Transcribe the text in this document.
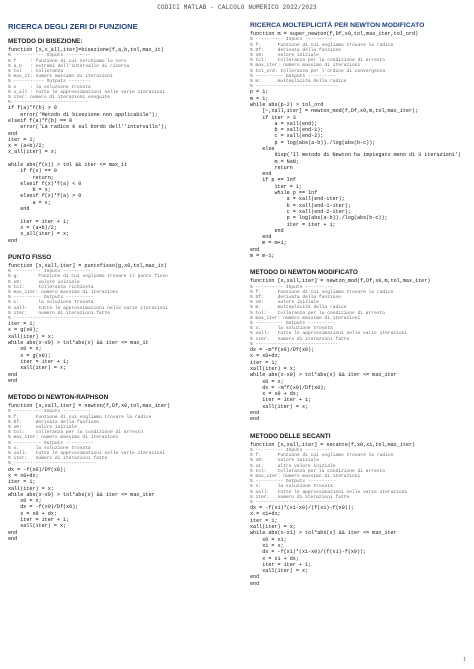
CODICI MATLAB - CALCOLO NUMERICO 2022/2023
RICERCA DEGLI ZERI DI FUNZIONE
METODO DI BISEZIONE:
function [x,x_all,iter]=bisezione(f,a,b,tol,max_it)
% ----------- Inputs ---------
% f     : funzione di cui cerchiamo lo zero
% a,b   : estremi dell'intervallo di ricerca
% tol   : tolleranza
% max_it: numero massimo di iterazioni
% ----------- Outputs --------
% x     : la soluzione trovata
% x_all : tutte le approssimazioni nelle varie iterazioni
% iter: numero di iterazioni eseguite
%----------------------------
if f(a)*f(b) > 0
error('Metodo di bisezione non applicabile');
elseif f(a)*f(b) == 0
error('La radice è sul bordo dell''intervallo');
end
iter = 1;
x = (a+b)/2;
x_all(iter) = x;

while abs(f(x)) > tol && iter <= max_it
if f(x) == 0
return;
elseif f(x)*f(a) < 0
b = x;
elseif f(x)*f(a) > 0
a = x;
end

iter = iter + 1;
x = (a+b)/2;
x_all(iter) = x;
end
PUNTO FISSO
function [x,xall,iter] = puntofisso(g,x0,tol,max_it)
% ---------- Inputs ----------
% g:       Funzione di cui vogliamo trovare il punto fisso
% x0:      valore iniziale
% tol:     tolleranza richiesta
% max_iter: numero massimo di iterazioni
% ---------- Outputs ----------
% x:       la soluzione trovata
% xall:    tutte le approssimazioni nelle varie iterazioni
% iter:    numero di iterazioni fatte
% ------------------------------
iter = 1;
x = g(x0);
xall(iter) = x;
while abs(x-x0) > tol*abs(x) && iter <= max_it
x0 = x;
x = g(x0);
iter = iter + 1;
xall(iter) = x;
end
end
METODO DI NEWTON-RAPHSON
function [x,xall,iter] = newton(f,Df,x0,tol,max_iter)
% ---------- Inputs ----------
% f:      Funzione di cui vogliamo trovare la radice
% Df:     derivata della funzione
% x0:     valore iniziale
% tol:    tolleranza per la condizione di arresto
% max_iter: numero massimo di iterazioni
% ---------- Outputs ----------
% x:      la soluzione trovata
% xall:   tutte le approssimazioni nelle varie iterazioni
% iter:   numero di iterazioni fatte
% ------------------------------
dx = -f(x0)/Df(x0);
x = x0+dx;
iter = 1;
xall(iter) = x;
while abs(x-x0) > tol*abs(x) && iter <= max_iter
x0 = x;
dx = -f(x0)/Df(x0);
x = x0 + dx;
iter = iter + 1;
xall(iter) = x;
end
end
RICERCA MOLTEPLICITÀ PER NEWTON MODIFICATO
function m = super_newton(f,Df,x0,tol,max_iter,tol_ord)
% ---------- Inputs ----------
% f:      Funzione di cui vogliamo trovare la radice
% Df:     derivata della funzione
% x0:     valore iniziale
% tol:    tolleranza per la condizione di arresto
% max_iter: numero massimo di iterazioni
% tol_ord: tolleranza per l'ordine di convergenza
% ---------- Outputs ----------
% m:      molteplicità della radice
% ------------------------------
p = 1;
m = 1;
while abs(p-2) > tol_ord
[~,xall,iter] = newton_mod(f,Df,x0,m,tol,max_iter);
if iter > 3
a = xall(end);
b = xall(end-1);
c = xall(end-2);
p = log(abs(a-b))./log(abs(b-c));
else
disp('Il metodo di Newton ha impiegato meno di 3 iterazioni')
m = NaN;
return
end
if p == Inf
iter = 1;
while p == Inf
a = xall(end-iter);
b = xall(end-1-iter);
c = xall(end-2-iter);
p = log(abs(a-b))./log(abs(b-c));
iter = iter + 1;
end
end
m = m+1;
end
m = m-1;
METODO DI NEWTON MODIFICATO
function [x,xall,iter] = newton_mod(f,Df,x0,m,tol,max_iter)
% ---------- Inputs ----------
% f:      Funzione di cui vogliamo trovare la radice
% Df:     derivata della funzione
% x0:     valore iniziale
% m:      molteplicità della radice
% tol:    tolleranza per la condizione di arresto
% max_iter: numero massimo di iterazioni
% ---------- Outputs ----------
% x:      la soluzione trovata
% xall:   tutte le approssimazioni nelle varie iterazioni
% iter:   numero di iterazioni fatte
% ------------------------------
dx = -m*f(x0)/Df(x0);
x = x0+dx;
iter = 1;
xall(iter) = x;
while abs(x-x0) > tol*abs(x) && iter <= max_iter
x0 = x;
dx = -m*f(x0)/Df(x0);
x = x0 + dx;
iter = iter + 1;
xall(iter) = x;
end
end
METODO DELLE SECANTI
function [x,xall,iter] = secante(f,x0,x1,tol,max_iter)
% ---------- Inputs ----------
% f:      Funzione di cui vogliamo trovare la radice
% x0:     valore iniziale
% x1:     altro valore iniziale
% tol:    tolleranza per la condizione di arresto
% max_iter: numero massimo di iterazioni
% ---------- Outputs ----------
% x:      la soluzione trovata
% xall:   tutte le approssimazioni nelle varie iterazioni
% iter:   numero di iterazioni fatte
% ------------------------------
dx = -f(x1)*(x1-x0)/(f(x1)-f(x0));
x = x1+dx;
iter = 1;
xall(iter) = x;
while abs(x-x1) > tol*abs(x) && iter <= max_iter
x0 = x1;
x1 = x;
dx = -f(x1)*(x1-x0)/(f(x1)-f(x0));
x = x1 + dx;
iter = iter + 1;
xall(iter) = x;
end
end
1
